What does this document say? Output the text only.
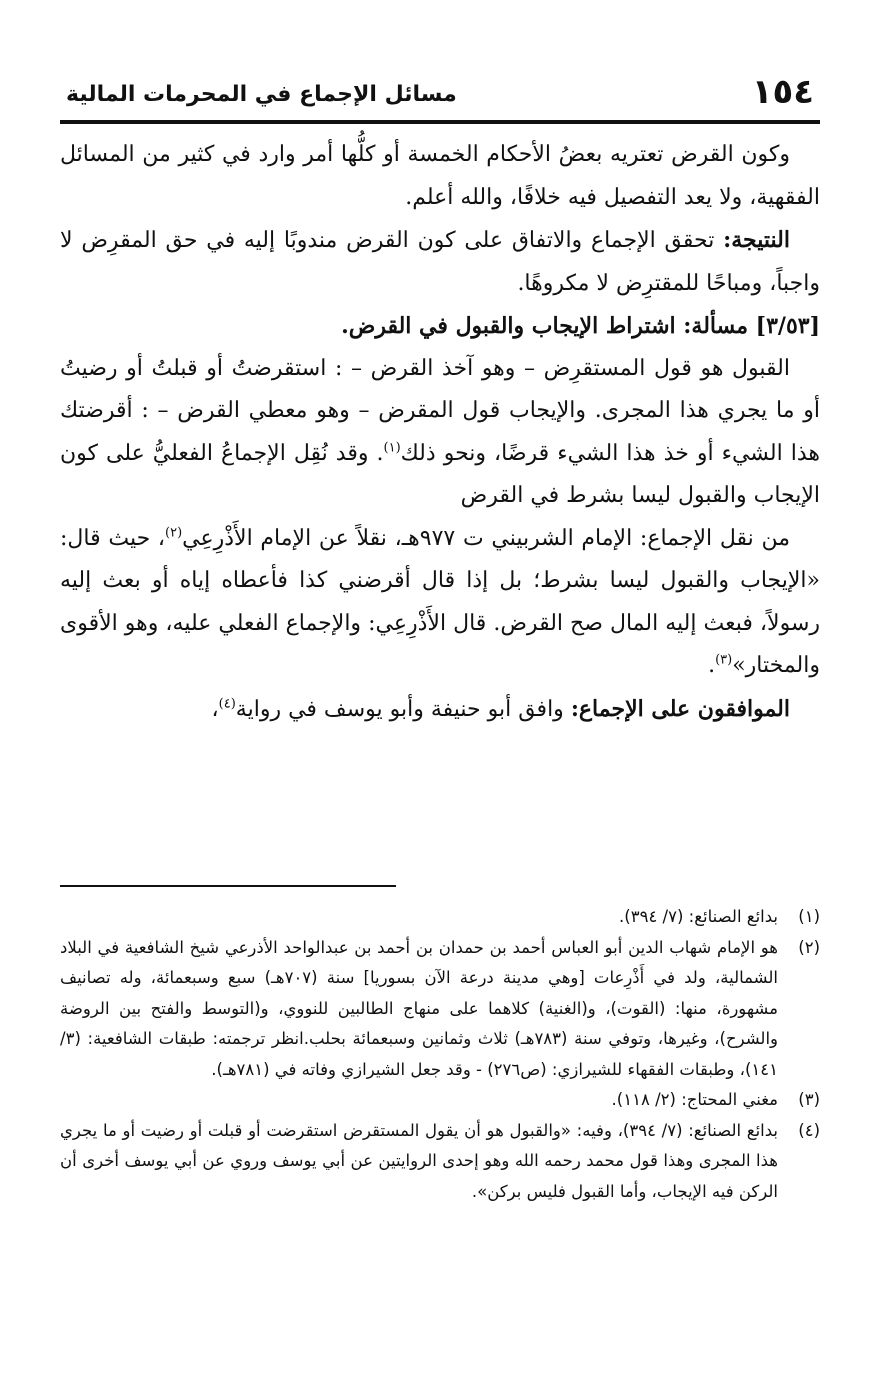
١٥٤
مسائل الإجماع في المحرمات المالية

وكون القرض تعتريه بعضُ الأحكام الخمسة أو كلُّها أمر وارد في كثير من المسائل الفقهية، ولا يعد التفصيل فيه خلافًا، والله أعلم.

النتيجة: تحقق الإجماع والاتفاق على كون القرض مندوبًا إليه في حق المقرِض لا واجباً، ومباحًا للمقترِض لا مكروهًا.

[٣/٥٣] مسألة: اشتراط الإيجاب والقبول في القرض.

القبول هو قول المستقرِض – وهو آخذ القرض – : استقرضتُ أو قبلتُ أو رضيتُ أو ما يجري هذا المجرى. والإيجاب قول المقرض – وهو معطي القرض – : أقرضتك هذا الشيء أو خذ هذا الشيء قرضًا، ونحو ذلك$^{(١)}$. وقد نُقِل الإجماعُ الفعليُّ على كون الإيجاب والقبول ليسا بشرط في القرض

من نقل الإجماع: الإمام الشربيني ت ٩٧٧هـ، نقلاً عن الإمام الأَذْرِعِي$^{(٢)}$، حيث قال: «الإيجاب والقبول ليسا بشرط؛ بل إذا قال أقرضني كذا فأعطاه إياه أو بعث إليه رسولاً، فبعث إليه المال صح القرض. قال الأَذْرِعِي: والإجماع الفعلي عليه، وهو الأقوى والمختار»$^{(٣)}$.

الموافقون على الإجماع: وافق أبو حنيفة وأبو يوسف في رواية$^{(٤)}$،

(١)
بدائع الصنائع: (٧/ ٣٩٤).
(٢)
هو الإمام شهاب الدين أبو العباس أحمد بن حمدان بن أحمد بن عبدالواحد الأذرعي شيخ الشافعية في البلاد الشمالية، ولد في أَذْرِعات [وهي مدينة درعة الآن بسوريا] سنة (٧٠٧هـ) سبع وسبعمائة، وله تصانيف مشهورة، منها: (القوت)، و(الغنية) كلاهما على منهاج الطالبين للنووي، و(التوسط والفتح بين الروضة والشرح)، وغيرها، وتوفي سنة (٧٨٣هـ) ثلاث وثمانين وسبعمائة بحلب.انظر ترجمته: طبقات الشافعية: (٣/ ١٤١)، وطبقات الفقهاء للشيرازي: (ص٢٧٦) - وقد جعل الشيرازي وفاته في (٧٨١هـ).
(٣)
مغني المحتاج: (٢/ ١١٨).
(٤)
بدائع الصنائع: (٧/ ٣٩٤)، وفيه: «والقبول هو أن يقول المستقرض استقرضت أو قبلت أو رضيت أو ما يجري هذا المجرى وهذا قول محمد رحمه الله وهو إحدى الروايتين عن أبي يوسف وروي عن أبي يوسف أخرى أن الركن فيه الإيجاب، وأما القبول فليس بركن».
